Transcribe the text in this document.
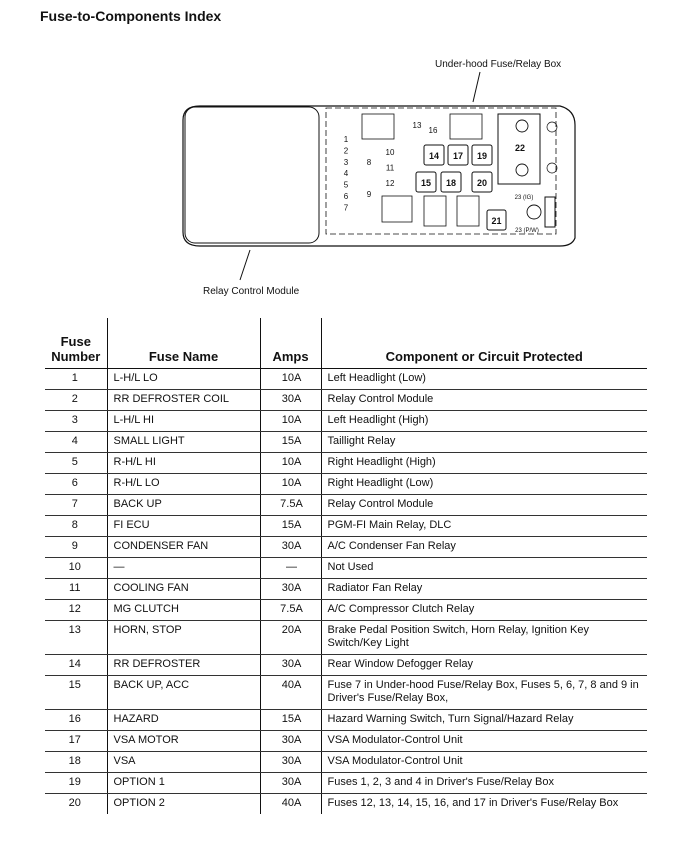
Fuse-to-Components Index
1
2
3
4
5
6
7
8
9
10
11
12
13
16
14 17 19
15 18 20
21
22
23 (IG)
23 (P/W)
Under-hood Fuse/Relay Box
Relay Control Module
Fuse
Number	Fuse Name	Amps	Component or Circuit Protected
1	L-H/L LO	10A	Left Headlight (Low)
2	RR DEFROSTER COIL	30A	Relay Control Module
3	L-H/L HI	10A	Left Headlight (High)
4	SMALL LIGHT	15A	Taillight Relay
5	R-H/L HI	10A	Right Headlight (High)
6	R-H/L LO	10A	Right Headlight (Low)
7	BACK UP	7.5A	Relay Control Module
8	FI ECU	15A	PGM-FI Main Relay, DLC
9	CONDENSER FAN	30A	A/C Condenser Fan Relay
10	—	—	Not Used
11	COOLING FAN	30A	Radiator Fan Relay
12	MG CLUTCH	7.5A	A/C Compressor Clutch Relay
13	HORN, STOP	20A	Brake Pedal Position Switch, Horn Relay, Ignition Key Switch/Key Light
14	RR DEFROSTER	30A	Rear Window Defogger Relay
15	BACK UP, ACC	40A	Fuse 7 in Under-hood Fuse/Relay Box, Fuses 5, 6, 7, 8 and 9 in Driver's Fuse/Relay Box,
16	HAZARD	15A	Hazard Warning Switch, Turn Signal/Hazard Relay
17	VSA MOTOR	30A	VSA Modulator-Control Unit
18	VSA	30A	VSA Modulator-Control Unit
19	OPTION 1	30A	Fuses 1, 2, 3 and 4 in Driver's Fuse/Relay Box
20	OPTION 2	40A	Fuses 12, 13, 14, 15, 16, and 17 in Driver's Fuse/Relay Box
